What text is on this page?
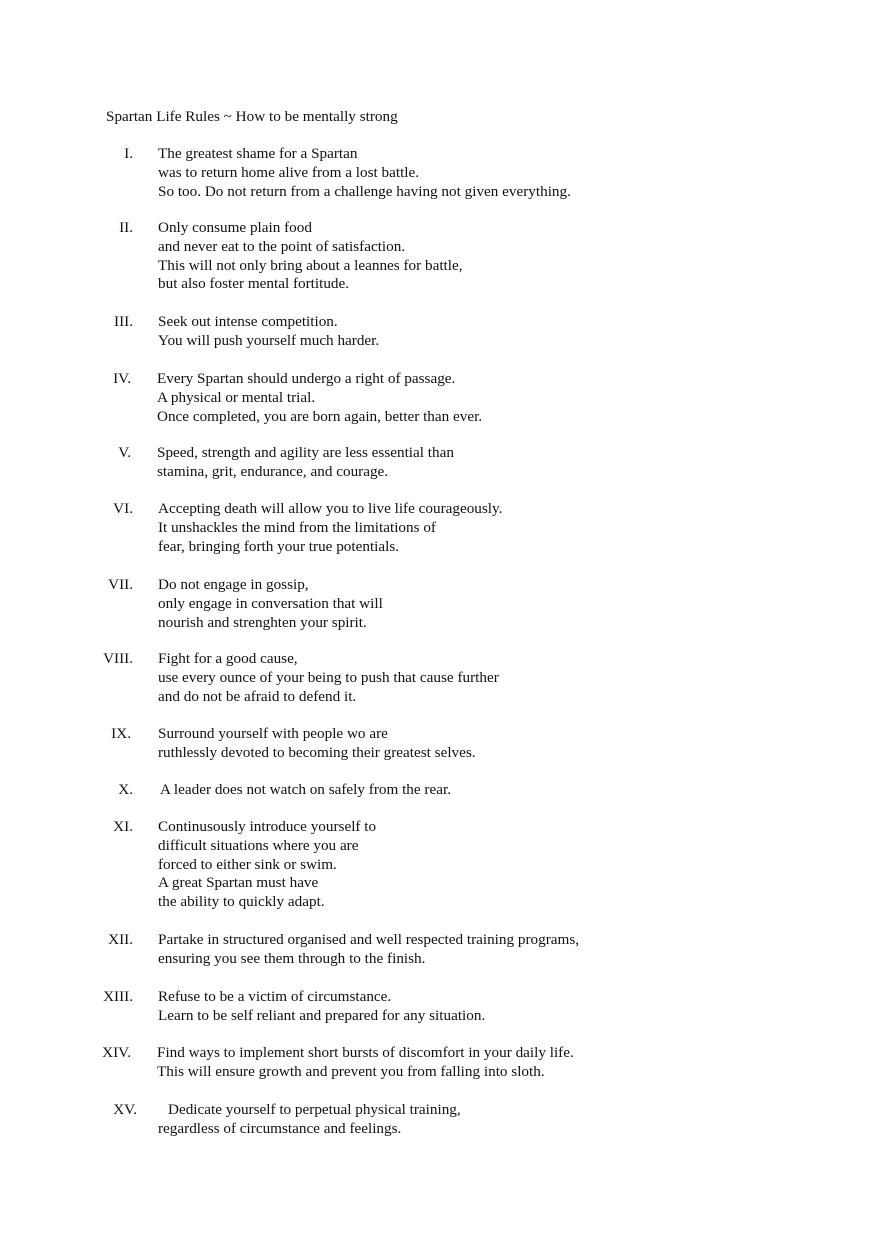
Spartan Life Rules ~ How to be mentally strong
I. The greatest shame for a Spartan
was to return home alive from a lost battle.
So too. Do not return from a challenge having not given everything.
II. Only consume plain food
and never eat to the point of satisfaction.
This will not only bring about a leannes for battle,
but also foster mental fortitude.
III. Seek out intense competition.
You will push yourself much harder.
IV. Every Spartan should undergo a right of passage.
A physical or mental trial.
Once completed, you are born again, better than ever.
V. Speed, strength and agility are less essential than
stamina, grit, endurance, and courage.
VI. Accepting death will allow you to live life courageously.
It unshackles the mind from the limitations of
fear, bringing forth your true potentials.
VII. Do not engage in gossip,
only engage in conversation that will
nourish and strenghten your spirit.
VIII. Fight for a good cause,
use every ounce of your being to push that cause further
and do not be afraid to defend it.
IX. Surround yourself with people wo are
ruthlessly devoted to becoming their greatest selves.
X. A leader does not watch on safely from the rear.
XI. Continusously introduce yourself to
difficult situations where you are
forced to either sink or swim.
A great Spartan must have
the ability to quickly adapt.
XII. Partake in structured organised and well respected training programs,
ensuring you see them through to the finish.
XIII. Refuse to be a victim of circumstance.
Learn to be self reliant and prepared for any situation.
XIV. Find ways to implement short bursts of discomfort in your daily life.
This will ensure growth and prevent you from falling into sloth.
XV.	Dedicate yourself to perpetual physical training,
regardless of circumstance and feelings.
